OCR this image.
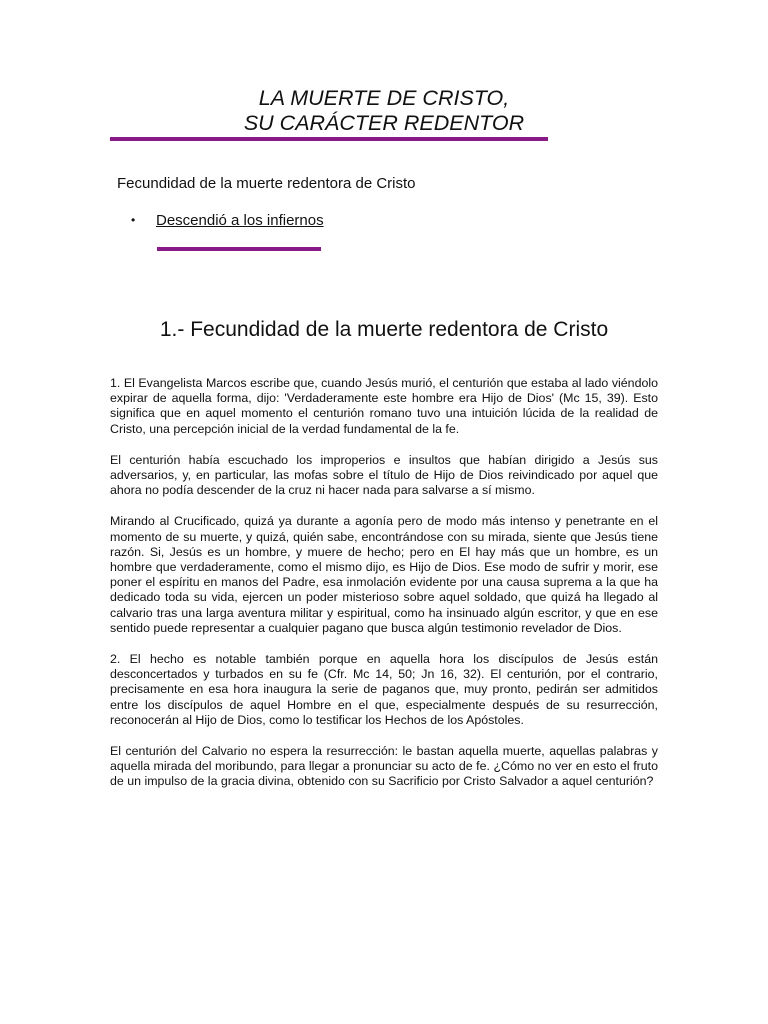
LA MUERTE DE CRISTO,
SU CARÁCTER REDENTOR
Fecundidad de la muerte redentora de Cristo
• Descendió a los infiernos
1.- Fecundidad de la muerte redentora de Cristo

1. El Evangelista Marcos escribe que, cuando Jesús murió, el centurión que estaba al lado viéndolo expirar de aquella forma, dijo: 'Verdaderamente este hombre era Hijo de Dios' (Mc 15, 39). Esto significa que en aquel momento el centurión romano tuvo una intuición lúcida de la realidad de Cristo, una percepción inicial de la verdad fundamental de la fe.

El centurión había escuchado los improperios e insultos que habían dirigido a Jesús sus adversarios, y, en particular, las mofas sobre el título de Hijo de Dios reivindicado por aquel que ahora no podía descender de la cruz ni hacer nada para salvarse a sí mismo.

Mirando al Crucificado, quizá ya durante a agonía pero de modo más intenso y penetrante en el momento de su muerte, y quizá, quién sabe, encontrándose con su mirada, siente que Jesús tiene razón. Si, Jesús es un hombre, y muere de hecho; pero en El hay más que un hombre, es un hombre que verdaderamente, como el mismo dijo, es Hijo de Dios. Ese modo de sufrir y morir, ese poner el espíritu en manos del Padre, esa inmolación evidente por una causa suprema a la que ha dedicado toda su vida, ejercen un poder misterioso sobre aquel soldado, que quizá ha llegado al calvario tras una larga aventura militar y espiritual, como ha insinuado algún escritor, y que en ese sentido puede representar a cualquier pagano que busca algún testimonio revelador de Dios.

2. El hecho es notable también porque en aquella hora los discípulos de Jesús están desconcertados y turbados en su fe (Cfr. Mc 14, 50; Jn 16, 32). El centurión, por el contrario, precisamente en esa hora inaugura la serie de paganos que, muy pronto, pedirán ser admitidos entre los discípulos de aquel Hombre en el que, especialmente después de su resurrección, reconocerán al Hijo de Dios, como lo testificar los Hechos de los Apóstoles.

El centurión del Calvario no espera la resurrección: le bastan aquella muerte, aquellas palabras y aquella mirada del moribundo, para llegar a pronunciar su acto de fe. ¿Cómo no ver en esto el fruto de un impulso de la gracia divina, obtenido con su Sacrificio por Cristo Salvador a aquel centurión?
